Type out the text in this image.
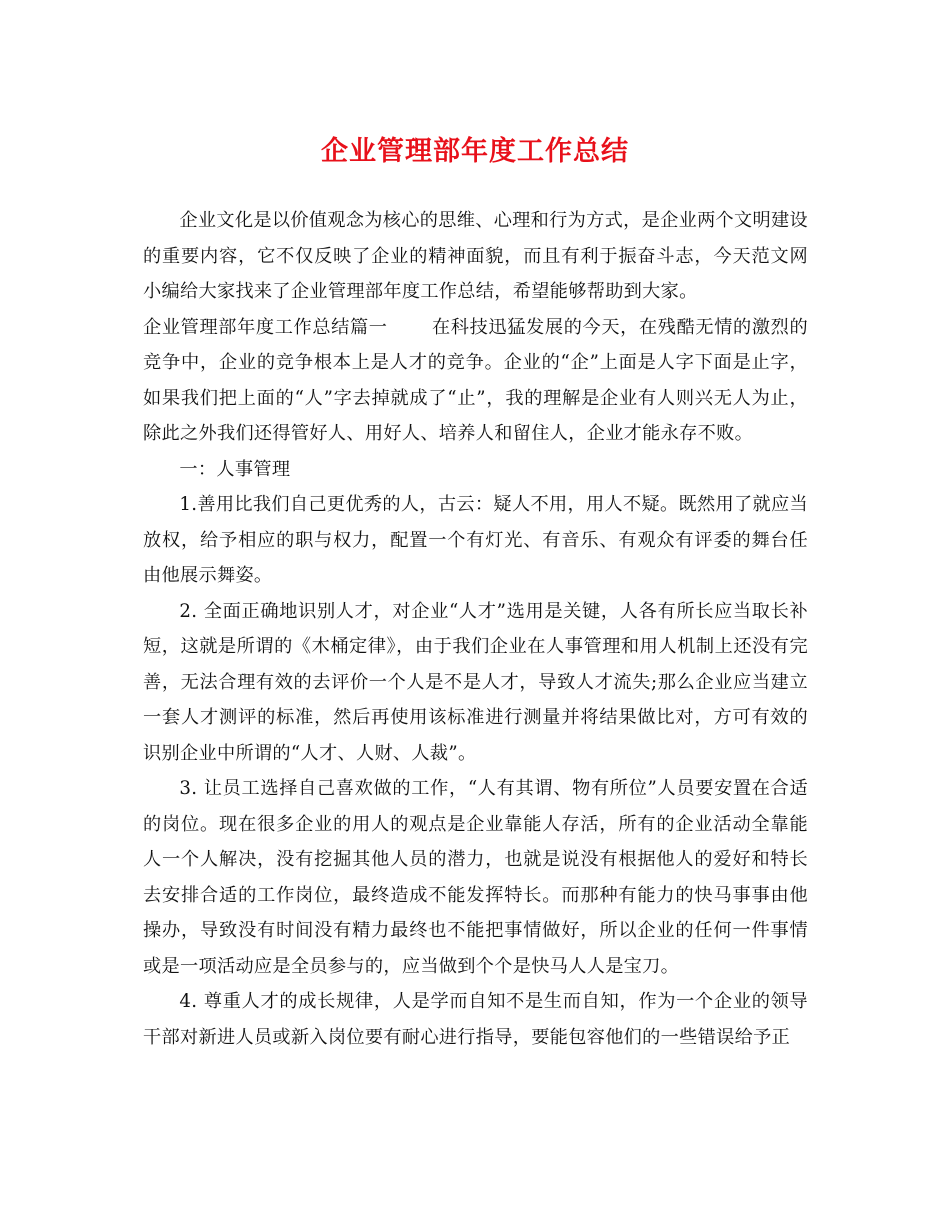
企业管理部年度工作总结

企业文化是以价值观念为核心的思维、心理和行为方式，是企业两个文明建设的重要内容，它不仅反映了企业的精神面貌，而且有利于振奋斗志，今天范文网小编给大家找来了企业管理部年度工作总结，希望能够帮助到大家。

企业管理部年度工作总结篇一 在科技迅猛发展的今天，在残酷无情的激烈的竞争中，企业的竞争根本上是人才的竞争。企业的“企”上面是人字下面是止字，如果我们把上面的“人”字去掉就成了“止”，我的理解是企业有人则兴无人为止，除此之外我们还得管好人、用好人、培养人和留住人，企业才能永存不败。

一：人事管理

1.善用比我们自己更优秀的人，古云：疑人不用，用人不疑。既然用了就应当放权，给予相应的职与权力，配置一个有灯光、有音乐、有观众有评委的舞台任由他展示舞姿。

2. 全面正确地识别人才，对企业“人才”选用是关键，人各有所长应当取长补短，这就是所谓的《木桶定律》，由于我们企业在人事管理和用人机制上还没有完善，无法合理有效的去评价一个人是不是人才，导致人才流失;那么企业应当建立一套人才测评的标准，然后再使用该标准进行测量并将结果做比对，方可有效的识别企业中所谓的“人才、人财、人裁”。

3. 让员工选择自己喜欢做的工作，“人有其谓、物有所位”人员要安置在合适的岗位。现在很多企业的用人的观点是企业靠能人存活，所有的企业活动全靠能人一个人解决，没有挖掘其他人员的潜力，也就是说没有根据他人的爱好和特长去安排合适的工作岗位，最终造成不能发挥特长。而那种有能力的快马事事由他操办，导致没有时间没有精力最终也不能把事情做好，所以企业的任何一件事情或是一项活动应是全员参与的，应当做到个个是快马人人是宝刀。

4. 尊重人才的成长规律，人是学而自知不是生而自知，作为一个企业的领导干部对新进人员或新入岗位要有耐心进行指导，要能包容他们的一些错误给予正
